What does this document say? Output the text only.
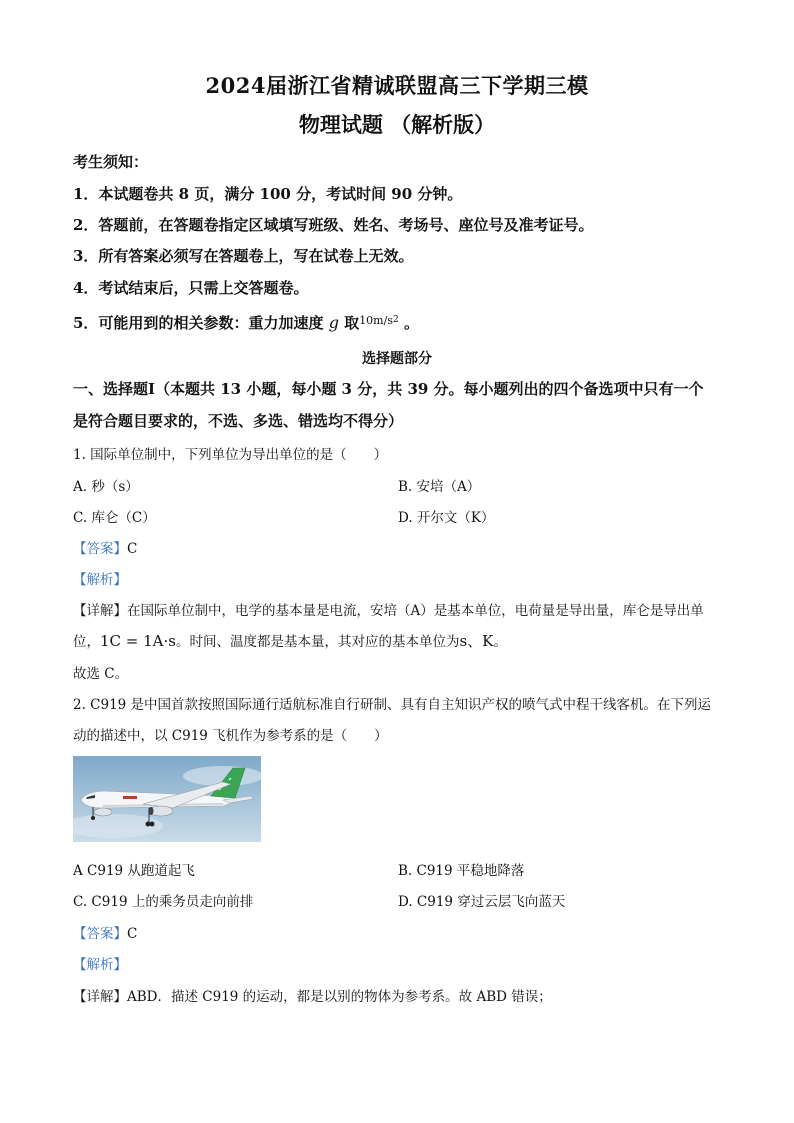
2024届浙江省精诚联盟高三下学期三模
物理试题 （解析版）
考生须知：
1．本试题卷共 8 页，满分 100 分，考试时间 90 分钟。
2．答题前，在答题卷指定区域填写班级、姓名、考场号、座位号及准考证号。
3．所有答案必须写在答题卷上，写在试卷上无效。
4．考试结束后，只需上交答题卷。
5．可能用到的相关参数：重力加速度 g 取$^{10m/s2}$ 。
选择题部分
一、选择题Ⅰ（本题共 13 小题，每小题 3 分，共 39 分。每小题列出的四个备选项中只有一个
是符合题目要求的，不选、多选、错选均不得分）
1. 国际单位制中，下列单位为导出单位的是（　　）
A. 秒（s）	B. 安培（A）
C. 库仑（C）	D. 开尔文（K）
【答案】C
【解析】
【详解】在国际单位制中，电学的基本量是电流，安培（A）是基本单位，电荷量是导出量，库仑是导出单
位，1C = 1A·s。时间、温度都是基本量，其对应的基本单位为s、K。
故选 C。
2. C919 是中国首款按照国际通行适航标准自行研制、具有自主知识产权的喷气式中程干线客机。在下列运
动的描述中，以 C919 飞机作为参考系的是（　　）
A C919 从跑道起飞	B. C919 平稳地降落
C. C919 上的乘务员走向前排	D. C919 穿过云层飞向蓝天
【答案】C
【解析】
【详解】ABD．描述 C919 的运动，都是以别的物体为参考系。故 ABD 错误；
